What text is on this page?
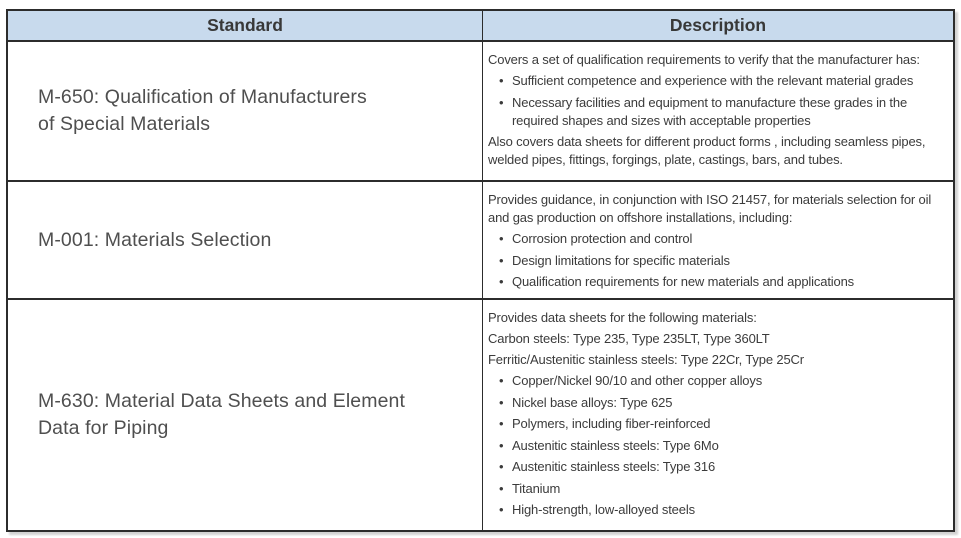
Standard	Description
M-650: Qualification of Manufacturers
of Special Materials
Covers a set of qualification requirements to verify that the manufacturer has:
• Sufficient competence and experience with the relevant material grades
• Necessary facilities and equipment to manufacture these grades in the required shapes and sizes with acceptable properties
Also covers data sheets for different product forms , including seamless pipes, welded pipes, fittings, forgings, plate, castings, bars, and tubes.
M-001: Materials Selection
Provides guidance, in conjunction with ISO 21457, for materials selection for oil and gas production on offshore installations, including:
• Corrosion protection and control
• Design limitations for specific materials
• Qualification requirements for new materials and applications
M-630: Material Data Sheets and Element
Data for Piping
Provides data sheets for the following materials:
Carbon steels: Type 235, Type 235LT, Type 360LT
Ferritic/Austenitic stainless steels: Type 22Cr, Type 25Cr
• Copper/Nickel 90/10 and other copper alloys
• Nickel base alloys: Type 625
• Polymers, including fiber-reinforced
• Austenitic stainless steels: Type 6Mo
• Austenitic stainless steels: Type 316
• Titanium
• High-strength, low-alloyed steels
